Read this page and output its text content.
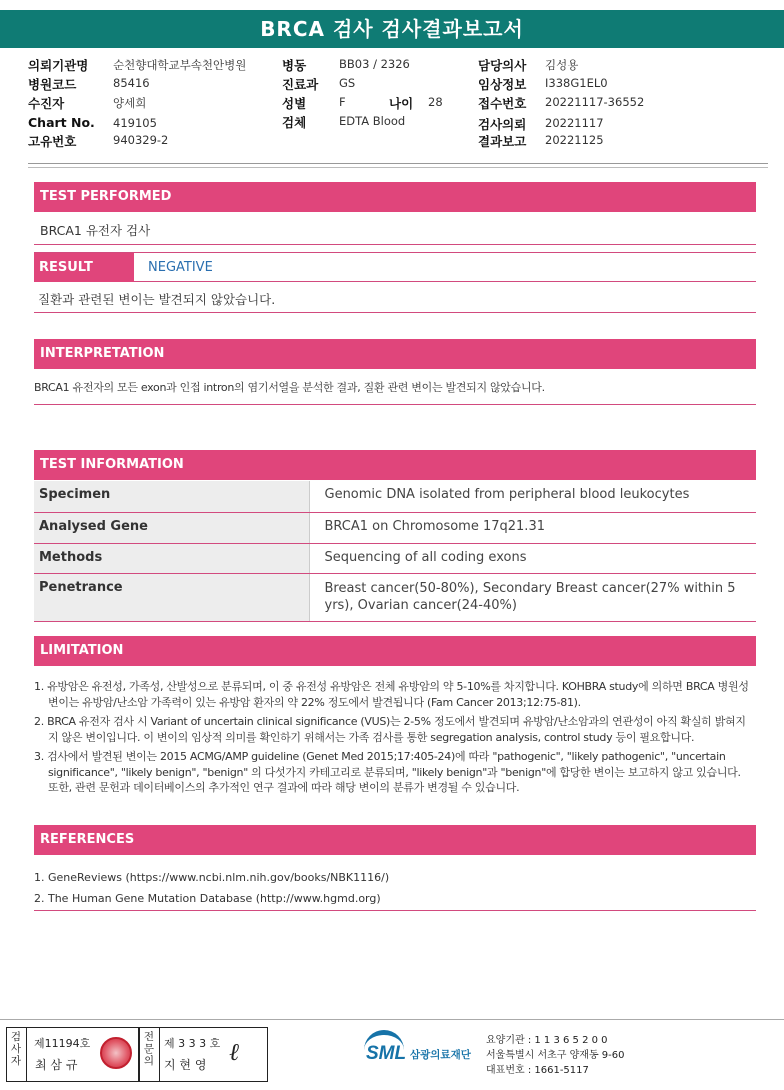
BRCA 검사 검사결과보고서
의뢰기관명 순천향대학교부속천안병원
병원코드	85416
수진자	양세희
Chart No. 419105
고유번호	940329-2
병동	BB03 / 2326
진료과 GS
성별	F	나이 28
검체	EDTA Blood
담당의사 김성용
임상정보 I338G1EL0
접수번호 20221117-36552
검사의뢰 20221117
결과보고 20221125
TEST PERFORMED
BRCA1 유전자 검사
RESULT	NEGATIVE
질환과 관련된 변이는 발견되지 않았습니다.
INTERPRETATION
BRCA1 유전자의 모든 exon과 인접 intron의 염기서열을 분석한 결과, 질환 관련 변이는 발견되지 않았습니다.
TEST INFORMATION
Specimen	Genomic DNA isolated from peripheral blood leukocytes
Analysed Gene	BRCA1 on Chromosome 17q21.31
Methods	Sequencing of all coding exons
Penetrance	Breast cancer(50-80%), Secondary Breast cancer(27% within 5 yrs), Ovarian cancer(24-40%)
LIMITATION
1. 유방암은 유전성, 가족성, 산발성으로 분류되며, 이 중 유전성 유방암은 전체 유방암의 약 5-10%를 차지합니다. KOHBRA study에 의하면 BRCA 병원성 변이는 유방암/난소암 가족력이 있는 유방암 환자의 약 22% 정도에서 발견됩니다 (Fam Cancer 2013;12:75-81).
2. BRCA 유전자 검사 시 Variant of uncertain clinical significance (VUS)는 2-5% 정도에서 발견되며 유방암/난소암과의 연관성이 아직 확실히 밝혀지지 않은 변이입니다. 이 변이의 임상적 의미를 확인하기 위해서는 가족 검사를 통한 segregation analysis, control study 등이 필요합니다.
3. 검사에서 발견된 변이는 2015 ACMG/AMP guideline (Genet Med 2015;17:405-24)에 따라 "pathogenic", "likely pathogenic", "uncertain significance", "likely benign", "benign" 의 다섯가지 카테고리로 분류되며, "likely benign"과 "benign"에 합당한 변이는 보고하지 않고 있습니다. 또한, 관련 문헌과 데이터베이스의 추가적인 연구 결과에 따라 해당 변이의 분류가 변경될 수 있습니다.
REFERENCES
1. GeneReviews (https://www.ncbi.nlm.nih.gov/books/NBK1116/)
2. The Human Gene Mutation Database (http://www.hgmd.org)
검사자
제11194호
최 삼 규
전문의
제 3 3 3 호
지 현 영 ℓ	SML 삼광의료재단
요양기관 : 1 1 3 6 5 2 0 0
서울특별시 서초구 양재동 9-60
대표번호 : 1661-5117
